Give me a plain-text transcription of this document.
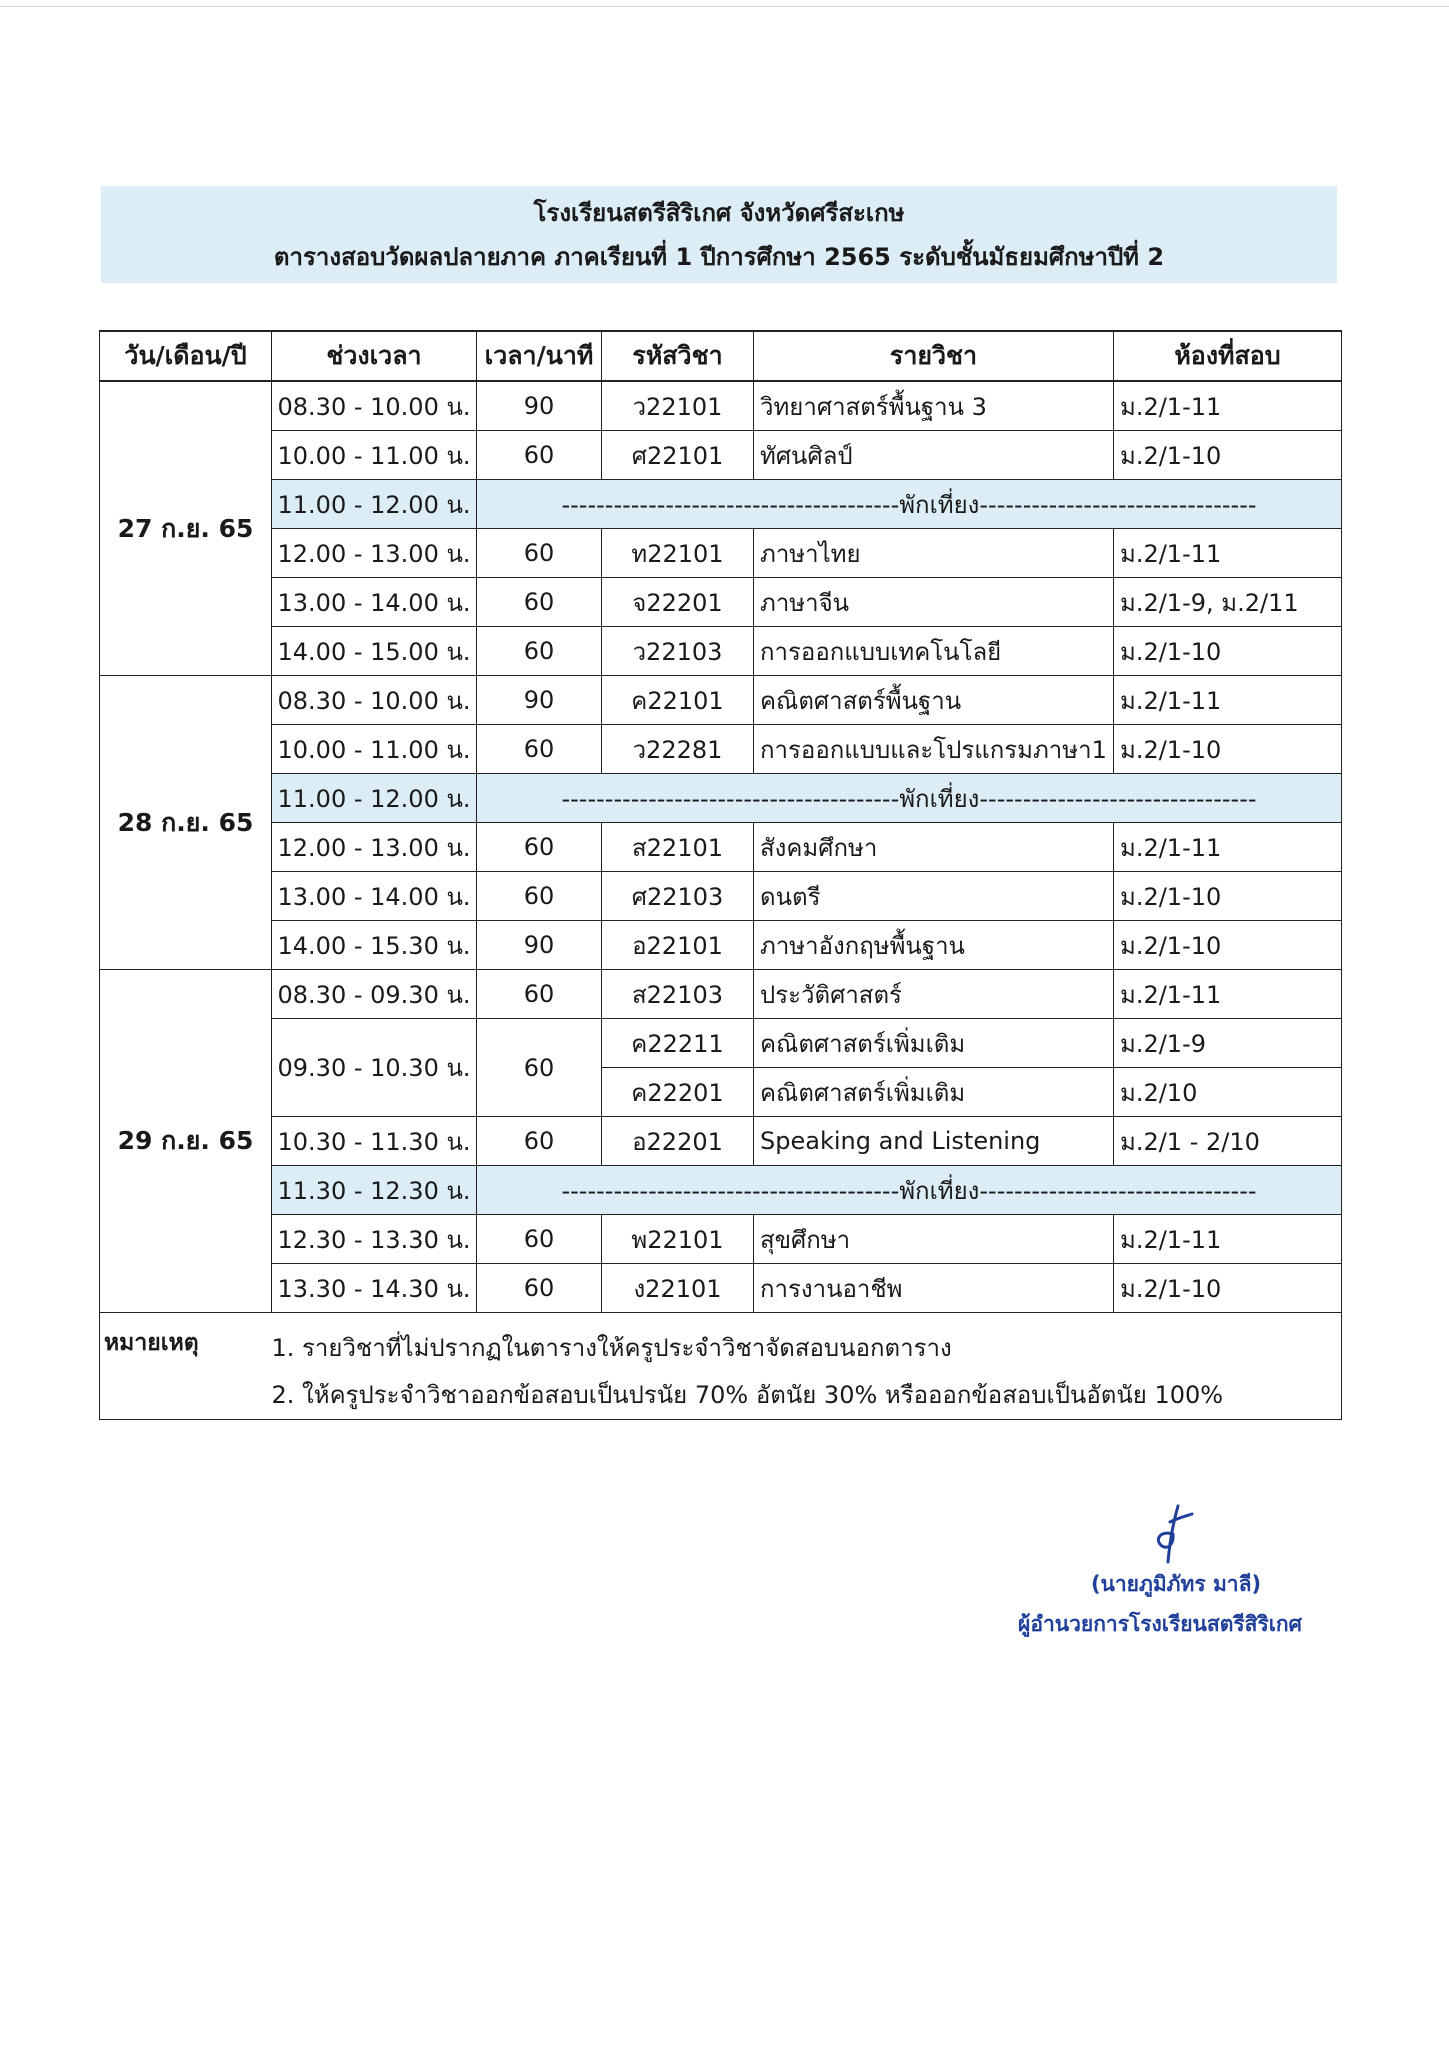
โรงเรียนสตรีสิริเกศ จังหวัดศรีสะเกษ
ตารางสอบวัดผลปลายภาค ภาคเรียนที่ 1 ปีการศึกษา 2565 ระดับชั้นมัธยมศึกษาปีที่ 2
วัน/เดือน/ปี	ช่วงเวลา	เวลา/นาที	รหัสวิชา	รายวิชา	ห้องที่สอบ
27 ก.ย. 65	08.30 - 10.00 น.	90	ว22101	วิทยาศาสตร์พื้นฐาน 3	ม.2/1-11
	10.00 - 11.00 น.	60	ศ22101	ทัศนศิลป์	ม.2/1-10
	11.00 - 12.00 น.	---------------------------------------พักเที่ยง--------------------------------			
	12.00 - 13.00 น.	60	ท22101	ภาษาไทย	ม.2/1-11
	13.00 - 14.00 น.	60	จ22201	ภาษาจีน	ม.2/1-9, ม.2/11
	14.00 - 15.00 น.	60	ว22103	การออกแบบเทคโนโลยี	ม.2/1-10
28 ก.ย. 65	08.30 - 10.00 น.	90	ค22101	คณิตศาสตร์พื้นฐาน	ม.2/1-11
	10.00 - 11.00 น.	60	ว22281	การออกแบบและโปรแกรมภาษา1	ม.2/1-10
	11.00 - 12.00 น.	---------------------------------------พักเที่ยง--------------------------------			
	12.00 - 13.00 น.	60	ส22101	สังคมศึกษา	ม.2/1-11
	13.00 - 14.00 น.	60	ศ22103	ดนตรี	ม.2/1-10
	14.00 - 15.30 น.	90	อ22101	ภาษาอังกฤษพื้นฐาน	ม.2/1-10
29 ก.ย. 65	08.30 - 09.30 น.	60	ส22103	ประวัติศาสตร์	ม.2/1-11
	09.30 - 10.30 น.	60	ค22211	คณิตศาสตร์เพิ่มเติม	ม.2/1-9
			ค22201	คณิตศาสตร์เพิ่มเติม	ม.2/10
	10.30 - 11.30 น.	60	อ22201	Speaking and Listening	ม.2/1 - 2/10
	11.30 - 12.30 น.	---------------------------------------พักเที่ยง--------------------------------			
	12.30 - 13.30 น.	60	พ22101	สุขศึกษา	ม.2/1-11
	13.30 - 14.30 น.	60	ง22101	การงานอาชีพ	ม.2/1-10

หมายเหตุ	1. รายวิชาที่ไม่ปรากฏในตารางให้ครูประจำวิชาจัดสอบนอกตาราง
2. ให้ครูประจำวิชาออกข้อสอบเป็นปรนัย 70% อัตนัย 30% หรือออกข้อสอบเป็นอัตนัย 100%				
(นายภูมิภัทร มาลี)
ผู้อำนวยการโรงเรียนสตรีสิริเกศ
